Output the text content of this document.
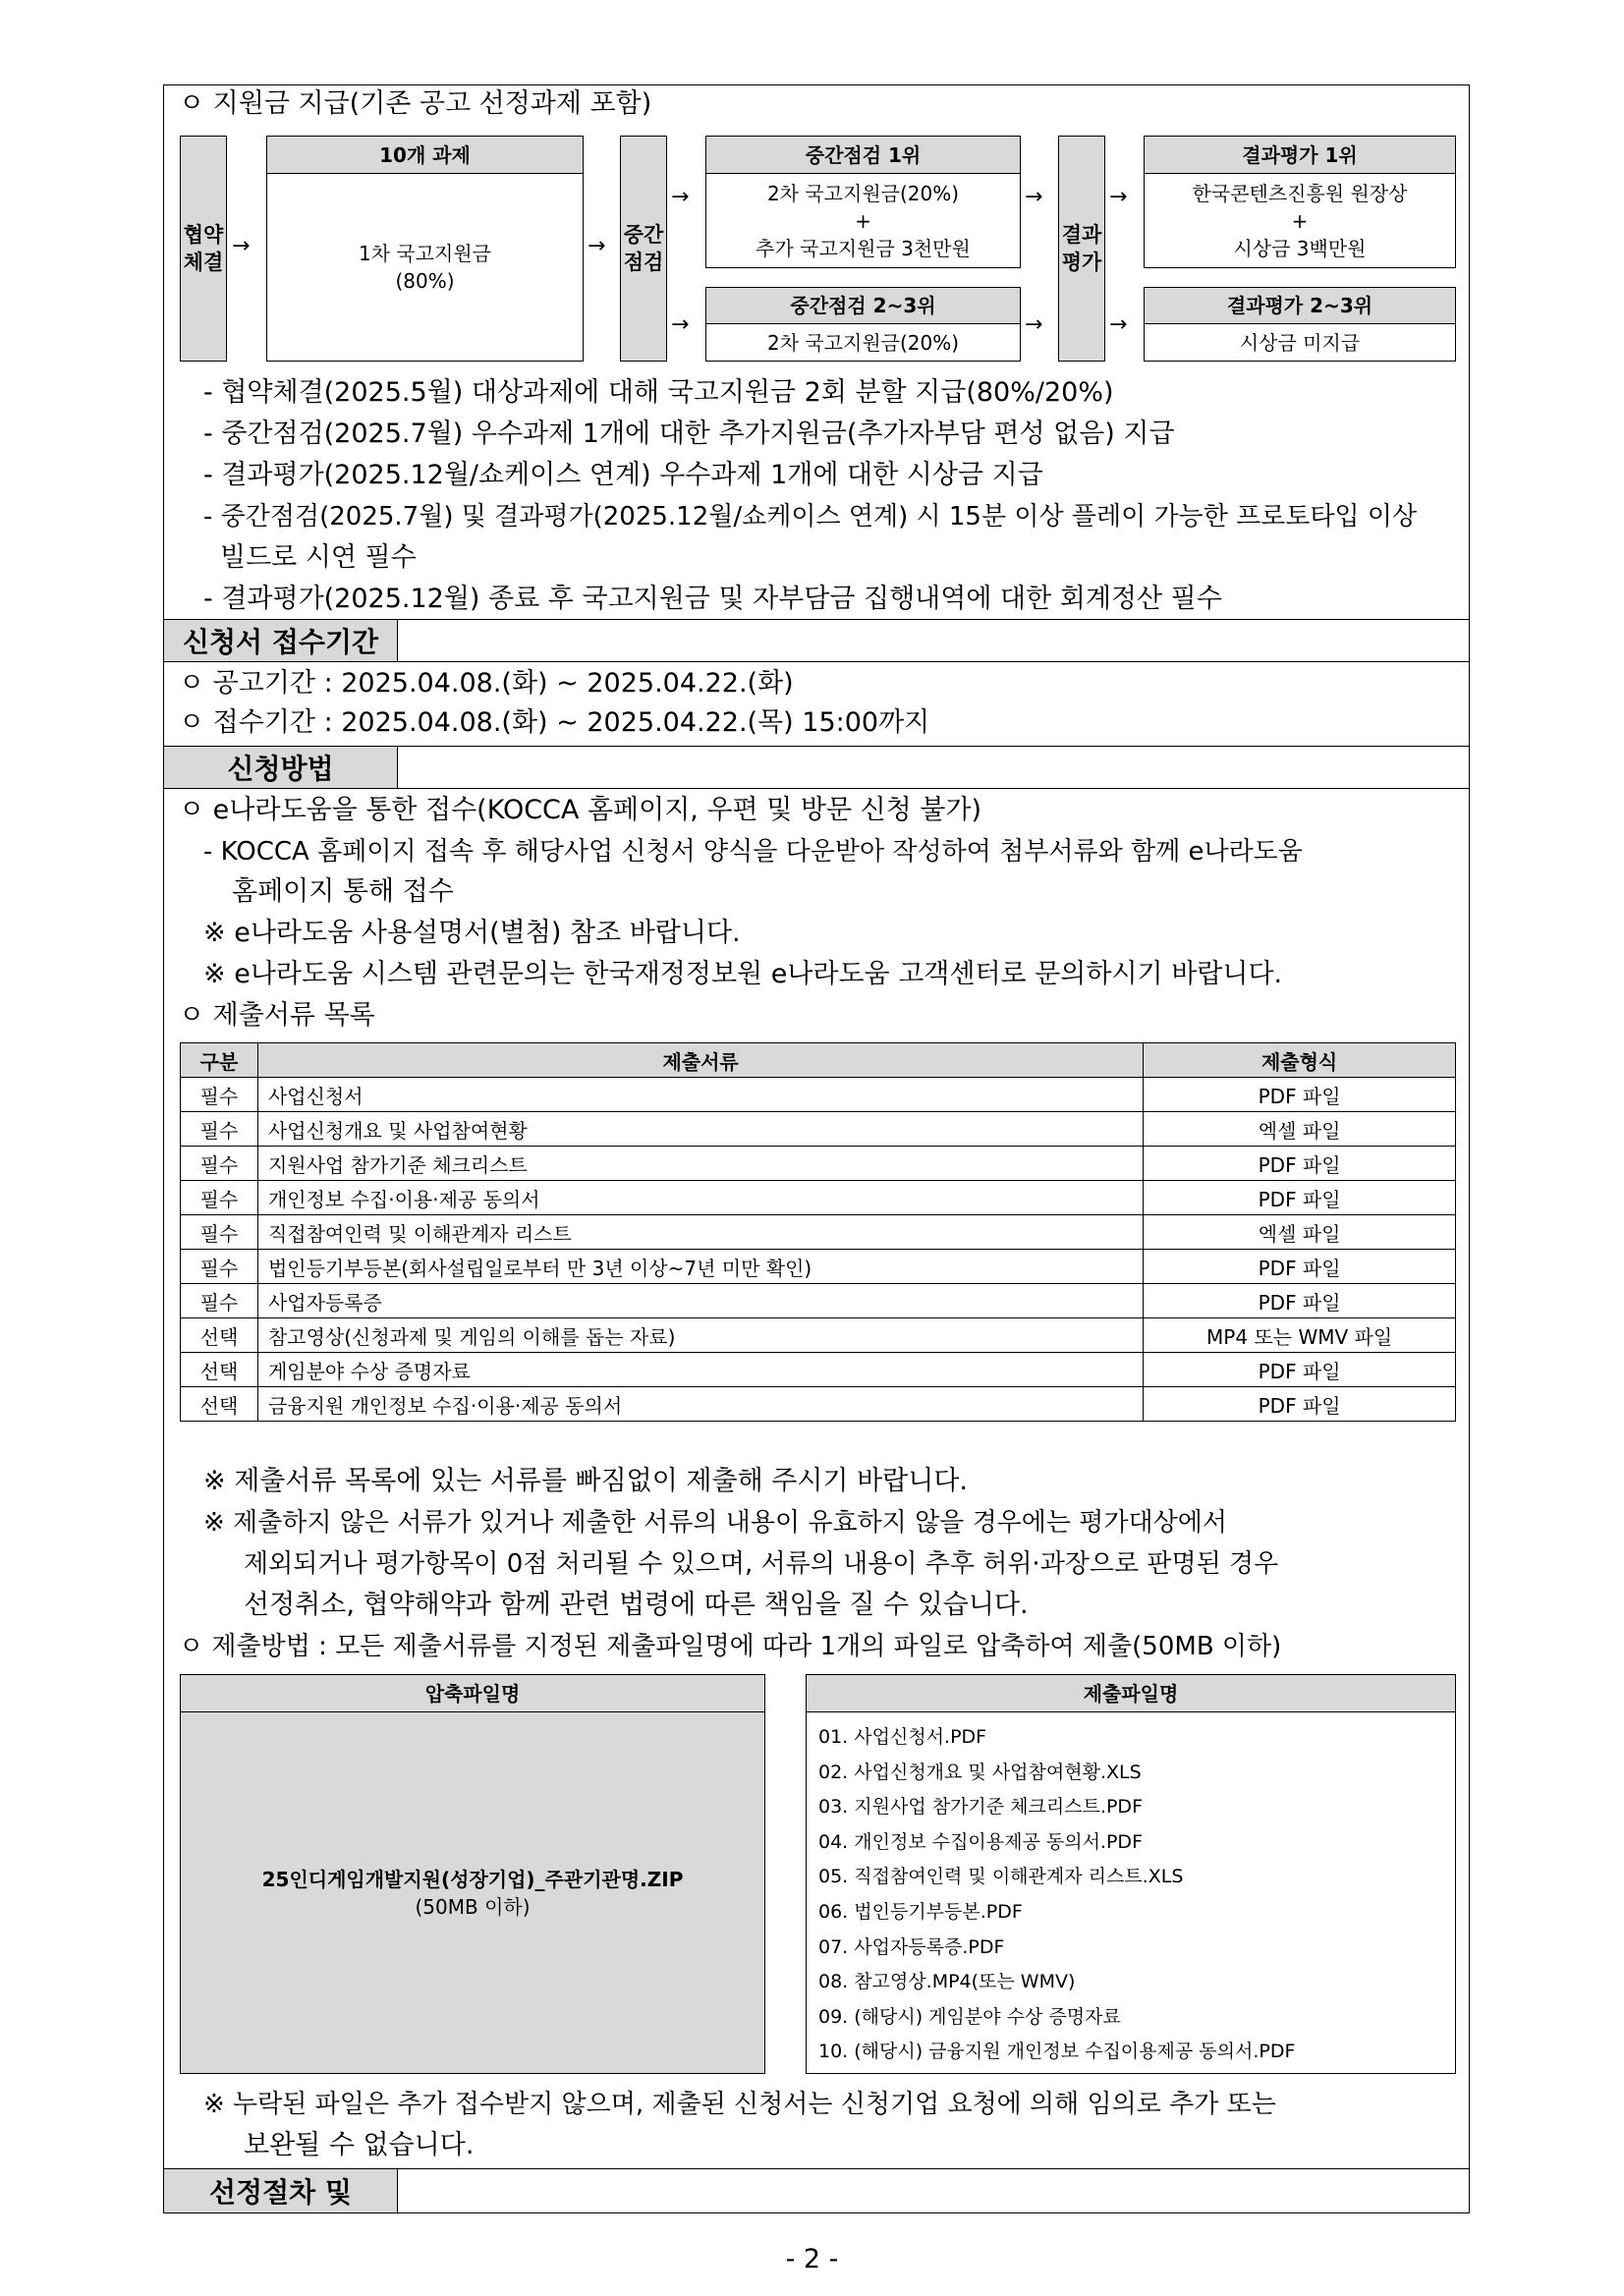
ㅇ 지원금 지급(기존 공고 선정과제 포함)
협약
체결
→
10개 과제
1차 국고지원금
(80%)
→ 중간
점검
→
→
중간점검 1위
2차 국고지원금(20%)
+
추가 국고지원금 3천만원
중간점검 2~3위
2차 국고지원금(20%)
→
→
결과
평가
→
→
결과평가 1위
한국콘텐츠진흥원 원장상
+
시상금 3백만원
결과평가 2~3위
시상금 미지급
- 협약체결(2025.5월) 대상과제에 대해 국고지원금 2회 분할 지급(80%/20%)
- 중간점검(2025.7월) 우수과제 1개에 대한 추가지원금(추가자부담 편성 없음) 지급
- 결과평가(2025.12월/쇼케이스 연계) 우수과제 1개에 대한 시상금 지급
- 중간점검(2025.7월) 및 결과평가(2025.12월/쇼케이스 연계) 시 15분 이상 플레이 가능한 프로토타입 이상
빌드로 시연 필수
- 결과평가(2025.12월) 종료 후 국고지원금 및 자부담금 집행내역에 대한 회계정산 필수
신청서 접수기간
ㅇ 공고기간 : 2025.04.08.(화) ~ 2025.04.22.(화)
ㅇ 접수기간 : 2025.04.08.(화) ~ 2025.04.22.(목) 15:00까지
신청방법
ㅇ e나라도움을 통한 접수(KOCCA 홈페이지, 우편 및 방문 신청 불가)
- KOCCA 홈페이지 접속 후 해당사업 신청서 양식을 다운받아 작성하여 첨부서류와 함께 e나라도움
홈페이지 통해 접수
※ e나라도움 사용설명서(별첨) 참조 바랍니다.
※ e나라도움 시스템 관련문의는 한국재정정보원 e나라도움 고객센터로 문의하시기 바랍니다.
ㅇ 제출서류 목록
구분	제출서류	제출형식
필수	사업신청서	PDF 파일
필수	사업신청개요 및 사업참여현황	엑셀 파일
필수	지원사업 참가기준 체크리스트	PDF 파일
필수	개인정보 수집·이용·제공 동의서	PDF 파일
필수	직접참여인력 및 이해관계자 리스트	엑셀 파일
필수	법인등기부등본(회사설립일로부터 만 3년 이상~7년 미만 확인)	PDF 파일
필수	사업자등록증	PDF 파일
선택	참고영상(신청과제 및 게임의 이해를 돕는 자료)	MP4 또는 WMV 파일
선택	게임분야 수상 증명자료	PDF 파일
선택	금융지원 개인정보 수집·이용·제공 동의서	PDF 파일
※ 제출서류 목록에 있는 서류를 빠짐없이 제출해 주시기 바랍니다.
※ 제출하지 않은 서류가 있거나 제출한 서류의 내용이 유효하지 않을 경우에는 평가대상에서
제외되거나 평가항목이 0점 처리될 수 있으며, 서류의 내용이 추후 허위·과장으로 판명된 경우
선정취소, 협약해약과 함께 관련 법령에 따른 책임을 질 수 있습니다.
ㅇ 제출방법 : 모든 제출서류를 지정된 제출파일명에 따라 1개의 파일로 압축하여 제출(50MB 이하)
압축파일명
25인디게임개발지원(성장기업)_주관기관명.ZIP
(50MB 이하)
제출파일명
01. 사업신청서.PDF
02. 사업신청개요 및 사업참여현황.XLS
03. 지원사업 참가기준 체크리스트.PDF
04. 개인정보 수집이용제공 동의서.PDF
05. 직접참여인력 및 이해관계자 리스트.XLS
06. 법인등기부등본.PDF
07. 사업자등록증.PDF
08. 참고영상.MP4(또는 WMV)
09. (해당시) 게임분야 수상 증명자료
10. (해당시) 금융지원 개인정보 수집이용제공 동의서.PDF
※ 누락된 파일은 추가 접수받지 않으며, 제출된 신청서는 신청기업 요청에 의해 임의로 추가 또는
보완될 수 없습니다.
선정절차 및
- 2 -
